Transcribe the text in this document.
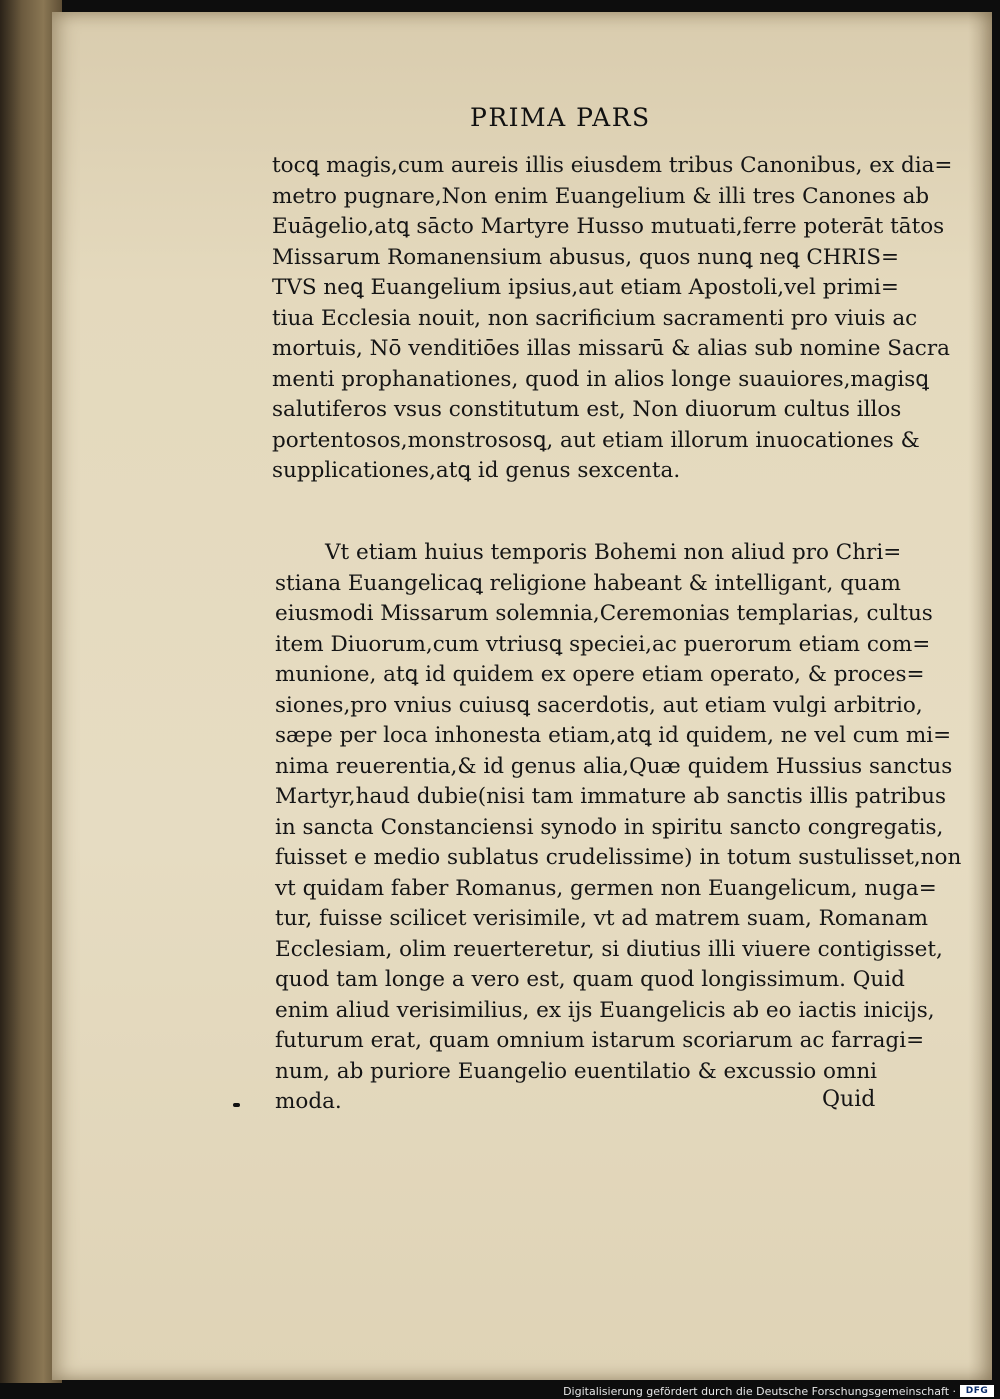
PRIMA PARS
tocꝗ magis,cum aureis illis eiusdem tribus Canonibus, ex dia=
metro pugnare,Non enim Euangelium & illi tres Canones ab
Euāgelio,atꝗ sācto Martyre Husso mutuati,ferre poterāt tātos
Missarum Romanensium abusus, quos nunꝗ neꝗ CHRIS=
TVS neꝗ Euangelium ipsius,aut etiam Apostoli,vel primi=
tiua Ecclesia nouit, non sacrificium sacramenti pro viuis ac
mortuis, Nō venditiōes illas missarū & alias sub nomine Sacra
menti prophanationes, quod in alios longe suauiores,magisꝗ
salutiferos vsus constitutum est, Non diuorum cultus illos
portentosos,monstrososꝗ, aut etiam illorum inuocationes &
supplicationes,atꝗ id genus sexcenta.
Vt etiam huius temporis Bohemi non aliud pro Chri=
stiana Euangelicaꝗ religione habeant & intelligant, quam
eiusmodi Missarum solemnia,Ceremonias templarias, cultus
item Diuorum,cum vtriusꝗ speciei,ac puerorum etiam com=
munione, atꝗ id quidem ex opere etiam operato, & proces=
siones,pro vnius cuiusꝗ sacerdotis, aut etiam vulgi arbitrio,
sæpe per loca inhonesta etiam,atꝗ id quidem, ne vel cum mi=
nima reuerentia,& id genus alia,Quæ quidem Hussius sanctus
Martyr,haud dubie(nisi tam immature ab sanctis illis patribus
in sancta Constanciensi synodo in spiritu sancto congregatis,
fuisset e medio sublatus crudelissime) in totum sustulisset,non
vt quidam faber Romanus, germen non Euangelicum, nuga=
tur, fuisse scilicet verisimile, vt ad matrem suam, Romanam
Ecclesiam, olim reuerteretur, si diutius illi viuere contigisset,
quod tam longe a vero est, quam quod longissimum. Quid
enim aliud verisimilius, ex ijs Euangelicis ab eo iactis inicijs,
futurum erat, quam omnium istarum scoriarum ac farragi=
num, ab puriore Euangelio euentilatio & excussio omni
moda.	Quid
Digitalisierung gefördert durch die Deutsche Forschungsgemeinschaft ·	DFG
